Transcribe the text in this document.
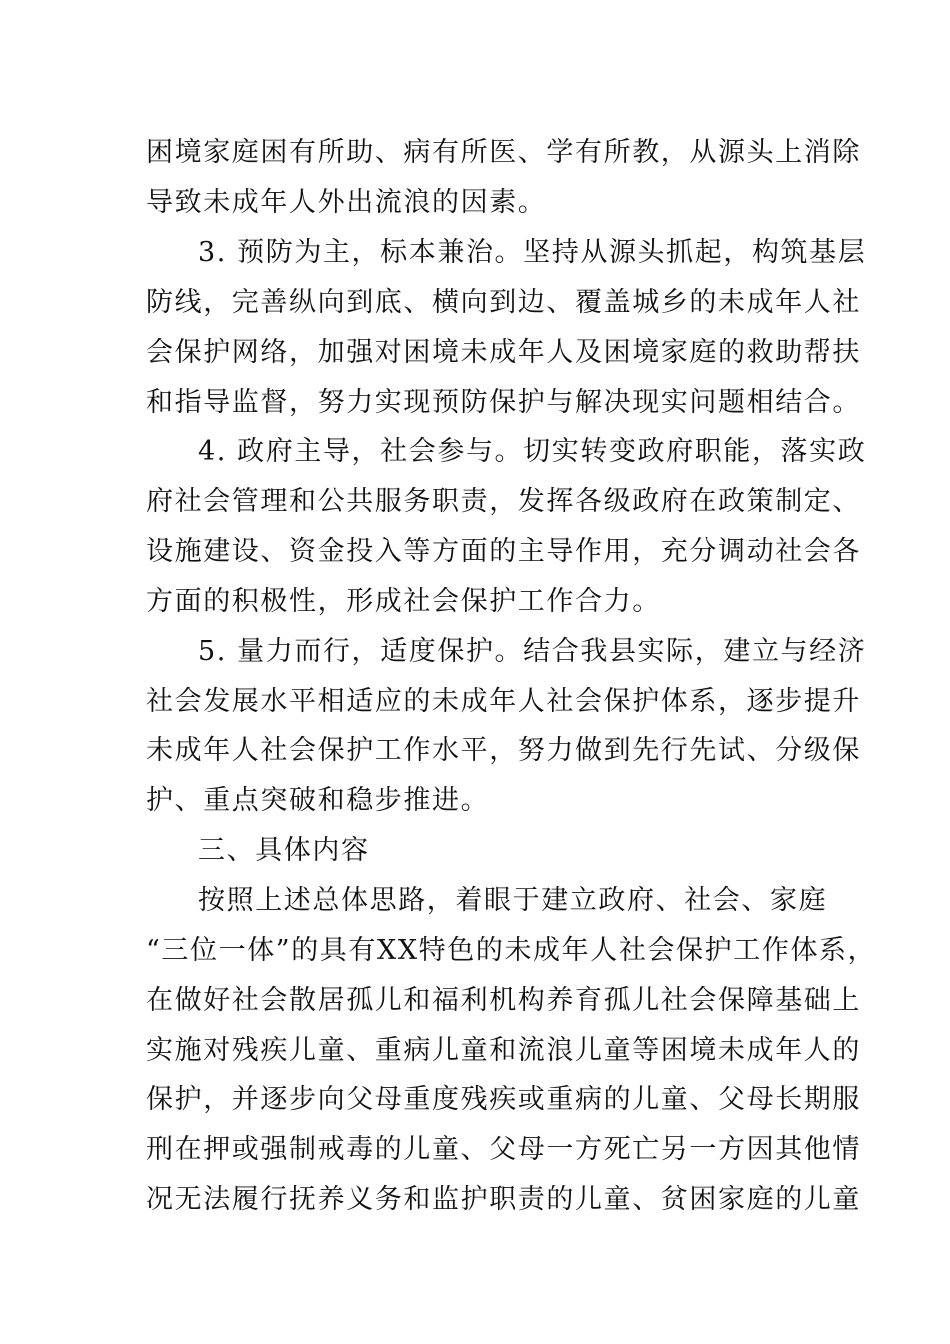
困境家庭困有所助、病有所医、学有所教，从源头上消除
导致未成年人外出流浪的因素。
3. 预防为主，标本兼治。坚持从源头抓起，构筑基层
防线，完善纵向到底、横向到边、覆盖城乡的未成年人社
会保护网络，加强对困境未成年人及困境家庭的救助帮扶
和指导监督，努力实现预防保护与解决现实问题相结合。
4. 政府主导，社会参与。切实转变政府职能，落实政
府社会管理和公共服务职责，发挥各级政府在政策制定、
设施建设、资金投入等方面的主导作用，充分调动社会各
方面的积极性，形成社会保护工作合力。
5. 量力而行，适度保护。结合我县实际，建立与经济
社会发展水平相适应的未成年人社会保护体系，逐步提升
未成年人社会保护工作水平，努力做到先行先试、分级保
护、重点突破和稳步推进。
三、具体内容
按照上述总体思路，着眼于建立政府、社会、家庭
“三位一体”的具有XX特色的未成年人社会保护工作体系，
在做好社会散居孤儿和福利机构养育孤儿社会保障基础上
实施对残疾儿童、重病儿童和流浪儿童等困境未成年人的
保护，并逐步向父母重度残疾或重病的儿童、父母长期服
刑在押或强制戒毒的儿童、父母一方死亡另一方因其他情
况无法履行抚养义务和监护职责的儿童、贫困家庭的儿童
